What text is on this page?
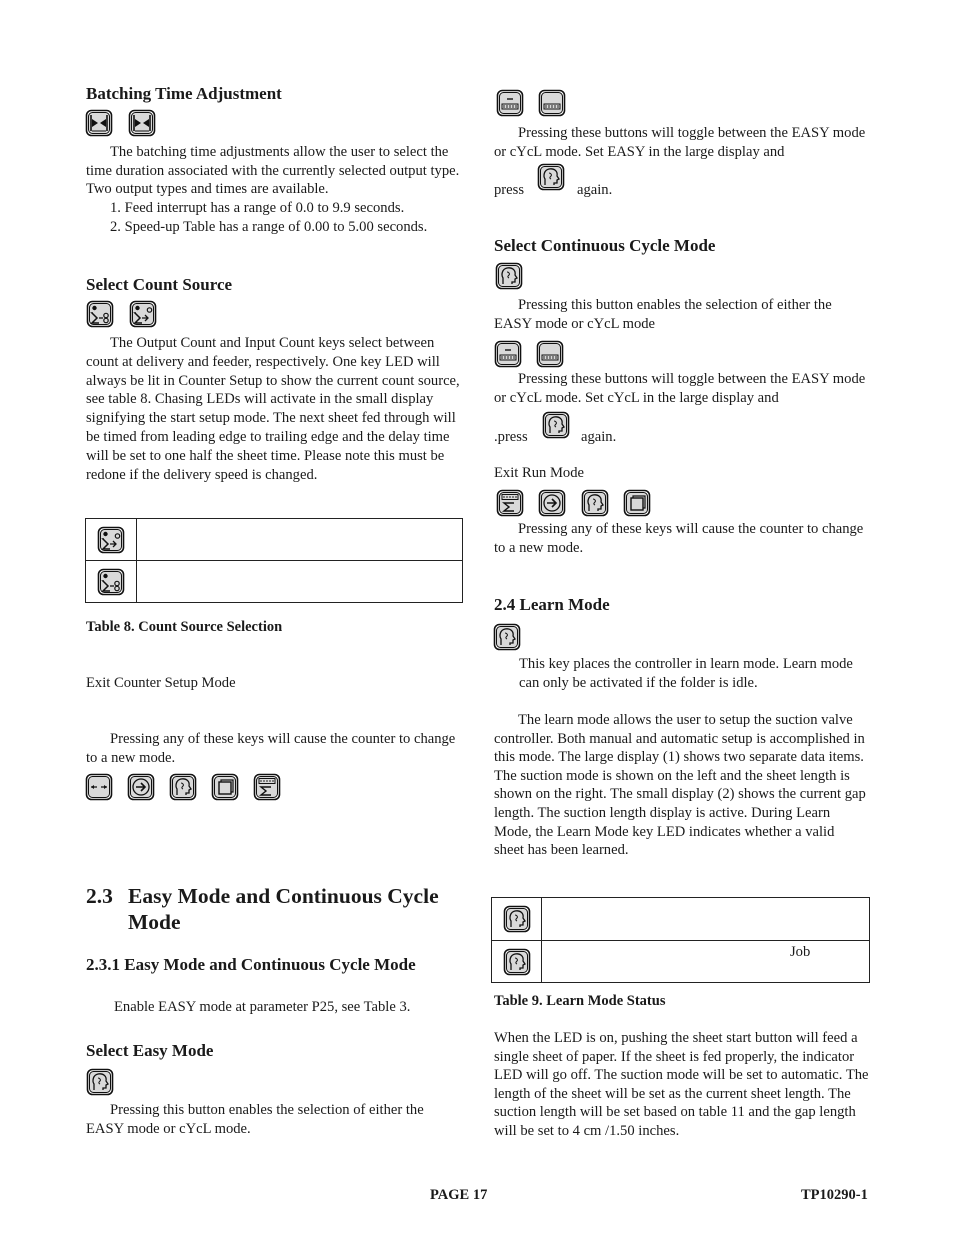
Batching Time Adjustment
The batching time adjustments allow the user to select the time duration associated with the currently selected output type. Two output types and times are available.
1. Feed interrupt has a range of 0.0 to 9.9 seconds.
2. Speed-up Table has a range of 0.00 to 5.00 seconds.
Select Count Source
The Output Count and Input Count keys select between count at delivery and feeder, respectively. One key LED will always be lit in Counter Setup to show the current count source, see table 8. Chasing LEDs will activate in the small display signifying the start setup mode. The next sheet fed through will be timed from leading edge to trailing edge and the delay time will be set to one half the sheet time. Please note this must be redone if the delivery speed is changed.

Table 8. Count Source Selection
Exit Counter Setup Mode
Pressing any of these keys will cause the counter to change to a new mode.
2.3 Easy Mode and Continuous Cycle Mode
2.3.1 Easy Mode and Continuous Cycle Mode
Enable EASY mode at parameter P25, see Table 3.
Select Easy Mode
Pressing this button enables the selection of either the EASY mode or cYcL mode.
Pressing these buttons will toggle between the EASY mode or cYcL mode. Set EASY in the large display and
press	again.
Select Continuous Cycle Mode
Pressing this button enables the selection of either the EASY mode or cYcL mode
Pressing these buttons will toggle between the EASY mode or cYcL mode. Set cYcL in the large display and
.press	again.
Exit Run Mode
Pressing any of these keys will cause the counter to change to a new mode.
2.4 Learn Mode
This key places the controller in learn mode. Learn mode can only be activated if the folder is idle.
The learn mode allows the user to setup the suction valve controller. Both manual and automatic setup is accomplished in this mode. The large display (1) shows two separate data items. The suction mode is shown on the left and the sheet length is shown on the right. The small display (2) shows the current gap length. The suction length display is active. During Learn Mode, the Learn Mode key LED indicates whether a valid sheet has been learned.

	Job
Table 9. Learn Mode Status
When the LED is on, pushing the sheet start button will feed a single sheet of paper. If the sheet is fed properly, the indicator LED will go off. The suction mode will be set to automatic. The length of the sheet will be set as the current sheet length. The suction length will be set based on table 11 and the gap length will be set to 4 cm /1.50 inches.
PAGE 17	TP10290-1
